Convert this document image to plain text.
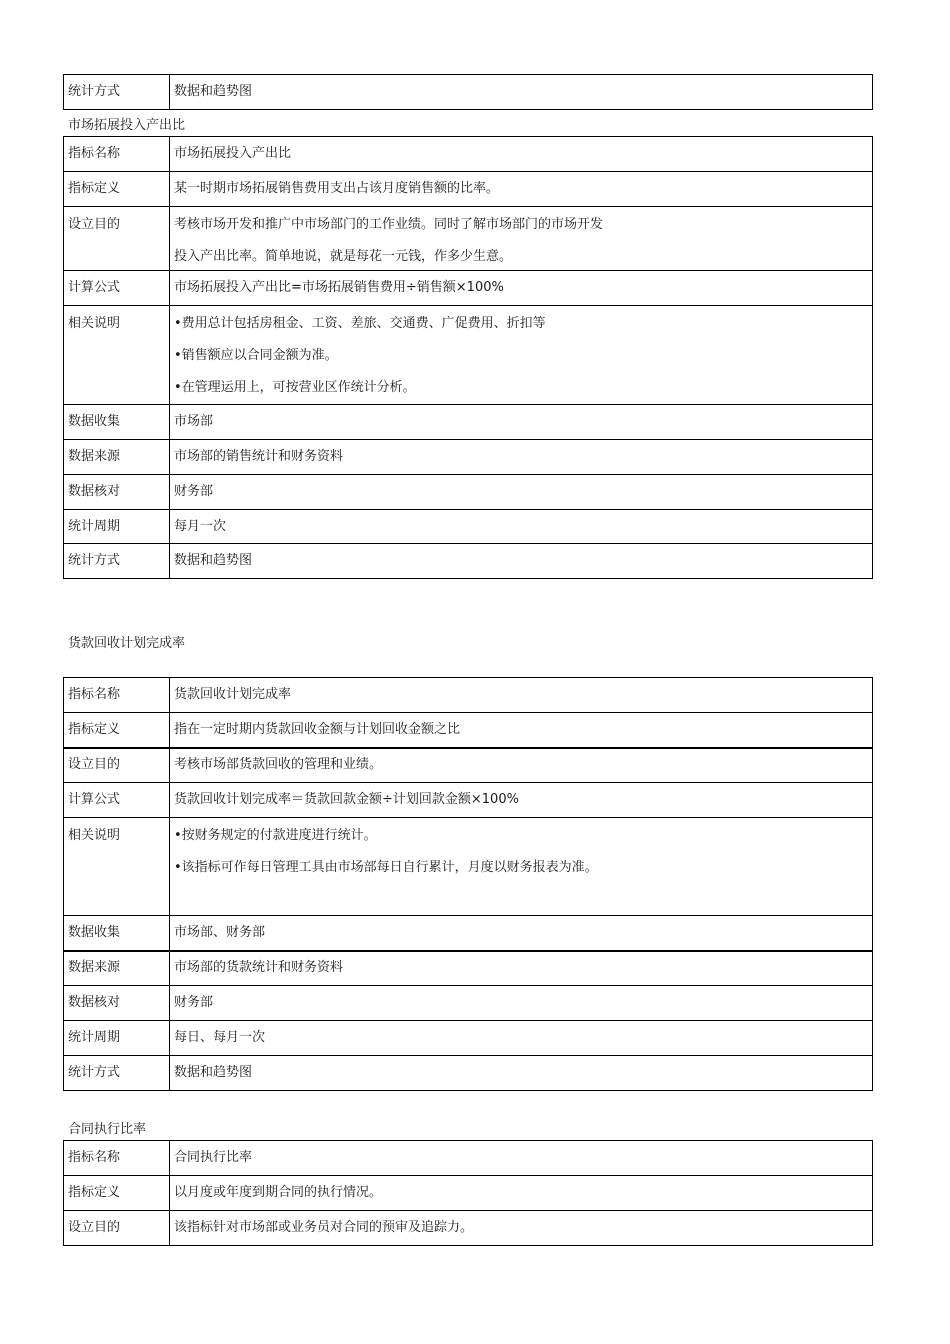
统计方式	数据和趋势图
市场拓展投入产出比
指标名称	市场拓展投入产出比
指标定义	某一时期市场拓展销售费用支出占该月度销售额的比率。
设立目的	考核市场开发和推广中市场部门的工作业绩。同时了解市场部门的市场开发
投入产出比率。简单地说，就是每花一元钱，作多少生意。

计算公式	市场拓展投入产出比=市场拓展销售费用÷销售额×100%
相关说明	•费用总计包括房租金、工资、差旅、交通费、广促费用、折扣等
•销售额应以合同金额为准。
•在管理运用上，可按营业区作统计分析。

数据收集	市场部
数据来源	市场部的销售统计和财务资料
数据核对	财务部
统计周期	每月一次
统计方式	数据和趋势图
货款回收计划完成率
指标名称	货款回收计划完成率
指标定义	指在一定时期内货款回收金额与计划回收金额之比
设立目的	考核市场部货款回收的管理和业绩。
计算公式	货款回收计划完成率＝货款回款金额÷计划回款金额×100%
相关说明	•按财务规定的付款进度进行统计。
•该指标可作每日管理工具由市场部每日自行累计，月度以财务报表为准。

数据收集	市场部、财务部
数据来源	市场部的货款统计和财务资料
数据核对	财务部
统计周期	每日、每月一次
统计方式	数据和趋势图
合同执行比率
指标名称	合同执行比率
指标定义	以月度或年度到期合同的执行情况。
设立目的	该指标针对市场部或业务员对合同的预审及追踪力。
